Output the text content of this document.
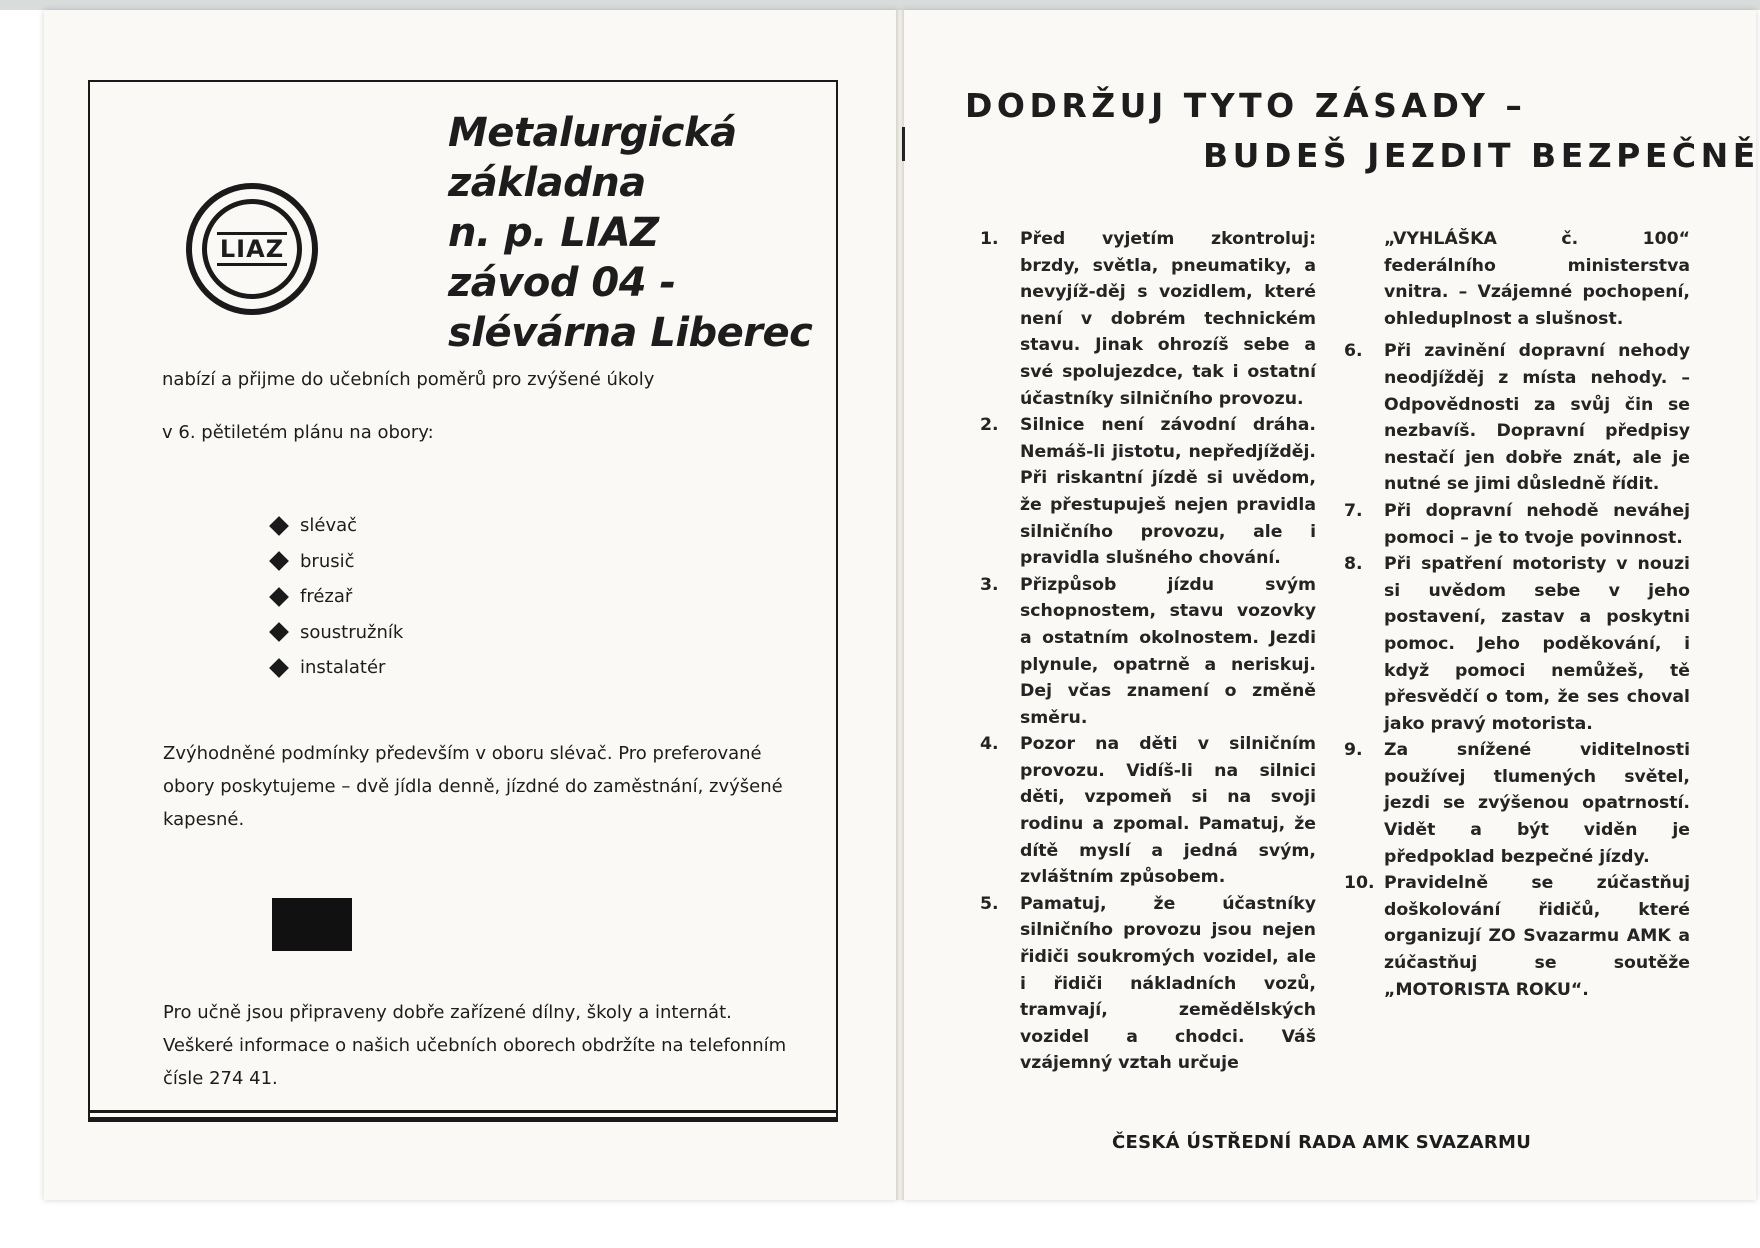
LIAZ
Metalurgická
základna
n. p. LIAZ
závod 04 -
slévárna Liberec
nabízí a přijme do učebních poměrů pro zvýšené úkoly
v 6. pětiletém plánu na obory:
slévač
brusič
frézař
soustružník
instalatér
Zvýhodněné podmínky především v oboru slévač. Pro preferované obory poskytujeme – dvě jídla denně, jízdné do zaměstnání, zvýšené kapesné.
Pro učně jsou připraveny dobře zařízené dílny, školy a internát. Veškeré informace o našich učebních oborech obdržíte na telefonním čísle 274 41.
DODRŽUJ TYTO ZÁSADY –
BUDEŠ JEZDIT BEZPEČNĚ
1. Před vyjetím zkontroluj: brzdy, světla, pneumatiky, a nevyjíž-děj s vozidlem, které není v dobrém technickém stavu. Jinak ohrozíš sebe a své spolujezdce, tak i ostatní účastníky silničního provozu.
2. Silnice není závodní dráha. Nemáš-li jistotu, nepředjížděj. Při riskantní jízdě si uvědom, že přestupuješ nejen pravidla silničního provozu, ale i pravidla slušného chování.
3. Přizpůsob jízdu svým schopnostem, stavu vozovky a ostatním okolnostem. Jezdi plynule, opatrně a neriskuj. Dej včas znamení o změně směru.
4. Pozor na děti v silničním provozu. Vidíš-li na silnici děti, vzpomeň si na svoji rodinu a zpomal. Pamatuj, že dítě myslí a jedná svým, zvláštním způsobem.
5. Pamatuj, že účastníky silničního provozu jsou nejen řidiči soukromých vozidel, ale i řidiči nákladních vozů, tramvají, zemědělských vozidel a chodci. Váš vzájemný vztah určuje
„VYHLÁŠKA č. 100“ federálního ministerstva vnitra. – Vzájemné pochopení, ohleduplnost a slušnost.
6. Při zavinění dopravní nehody neodjížděj z místa nehody. – Odpovědnosti za svůj čin se nezbavíš. Dopravní předpisy nestačí jen dobře znát, ale je nutné se jimi důsledně řídit.
7. Při dopravní nehodě neváhej pomoci – je to tvoje povinnost.
8. Při spatření motoristy v nouzi si uvědom sebe v jeho postavení, zastav a poskytni pomoc. Jeho poděkování, i když pomoci nemůžeš, tě přesvědčí o tom, že ses choval jako pravý motorista.
9. Za snížené viditelnosti používej tlumených světel, jezdi se zvýšenou opatrností. Vidět a být viděn je předpoklad bezpečné jízdy.
10. Pravidelně se zúčastňuj doškolování řidičů, které organizují ZO Svazarmu AMK a zúčastňuj se soutěže „MOTORISTA ROKU“.
ČESKÁ ÚSTŘEDNÍ RADA AMK SVAZARMU
